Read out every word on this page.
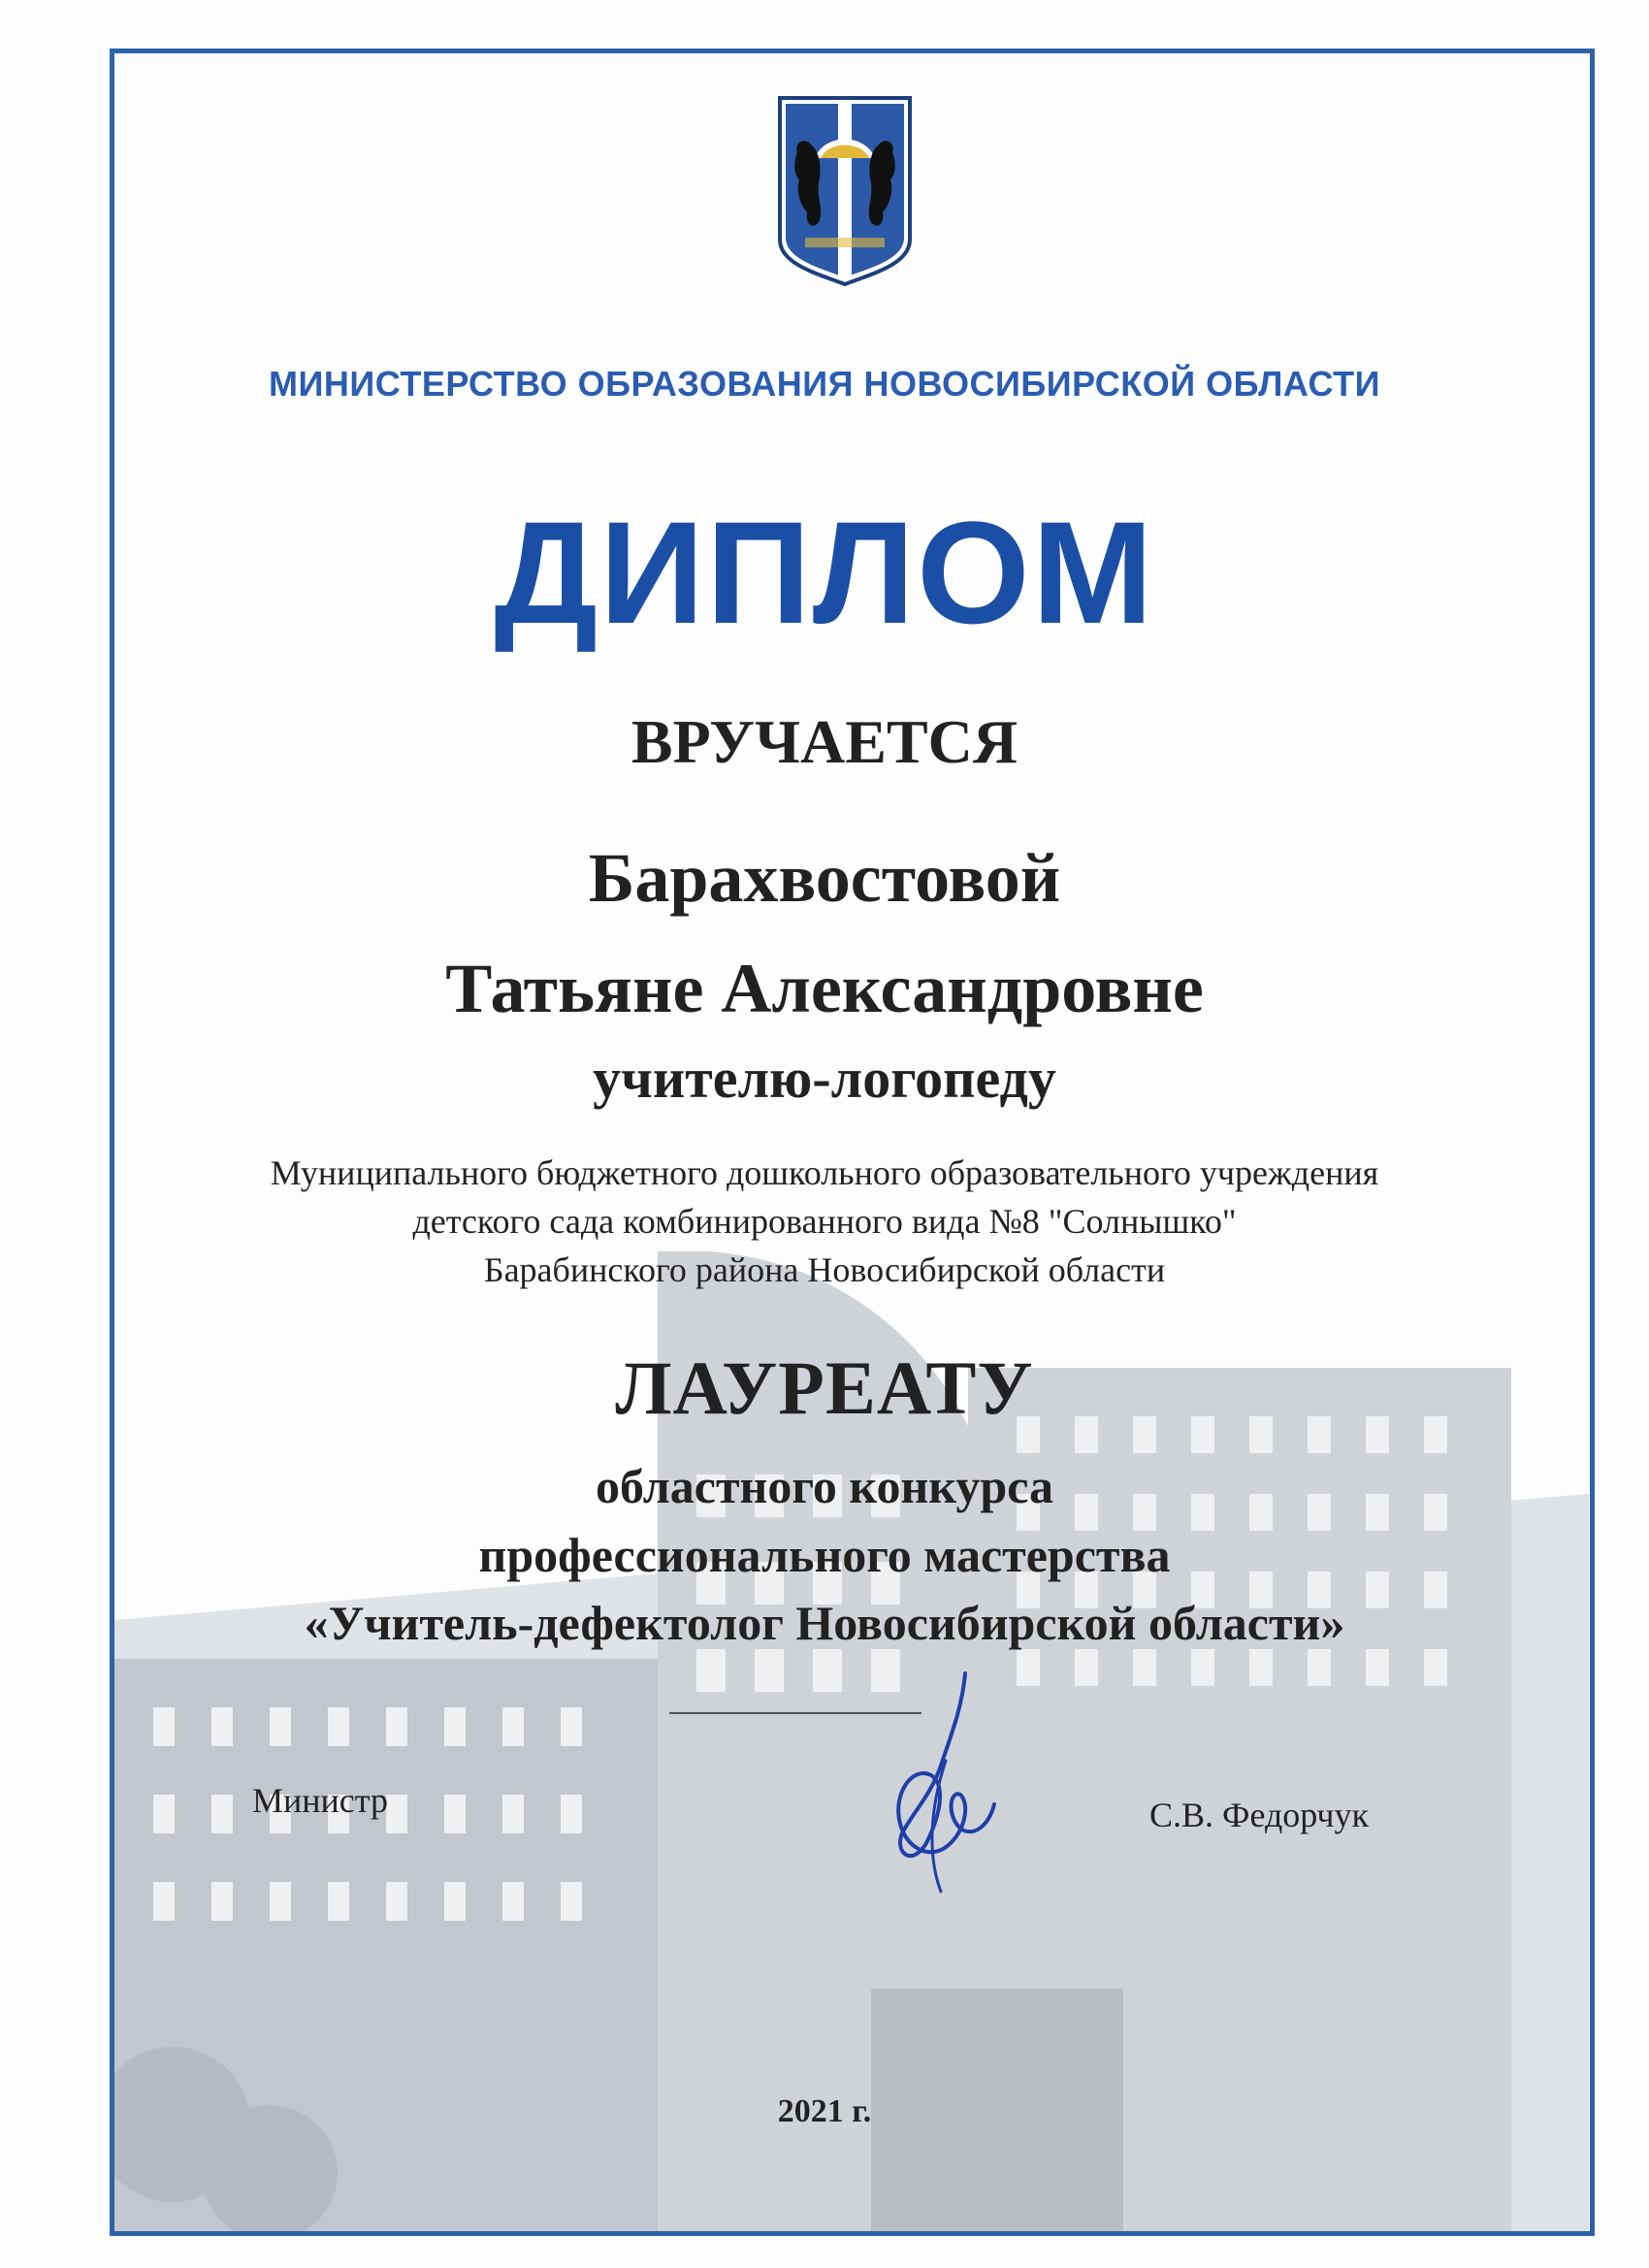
МИНИСТЕРСТВО ОБРАЗОВАНИЯ НОВОСИБИРСКОЙ ОБЛАСТИ
ДИПЛОМ
ВРУЧАЕТСЯ
Барахвостовой
Татьяне Александровне
учителю-логопеду
Муниципального бюджетного дошкольного образовательного учреждения
детского сада комбинированного вида №8 "Солнышко"
Барабинского района Новосибирской области
ЛАУРЕАТУ
областного конкурса
профессионального мастерства
«Учитель-дефектолог Новосибирской области»
Министр	С.В. Федорчук
2021 г.
